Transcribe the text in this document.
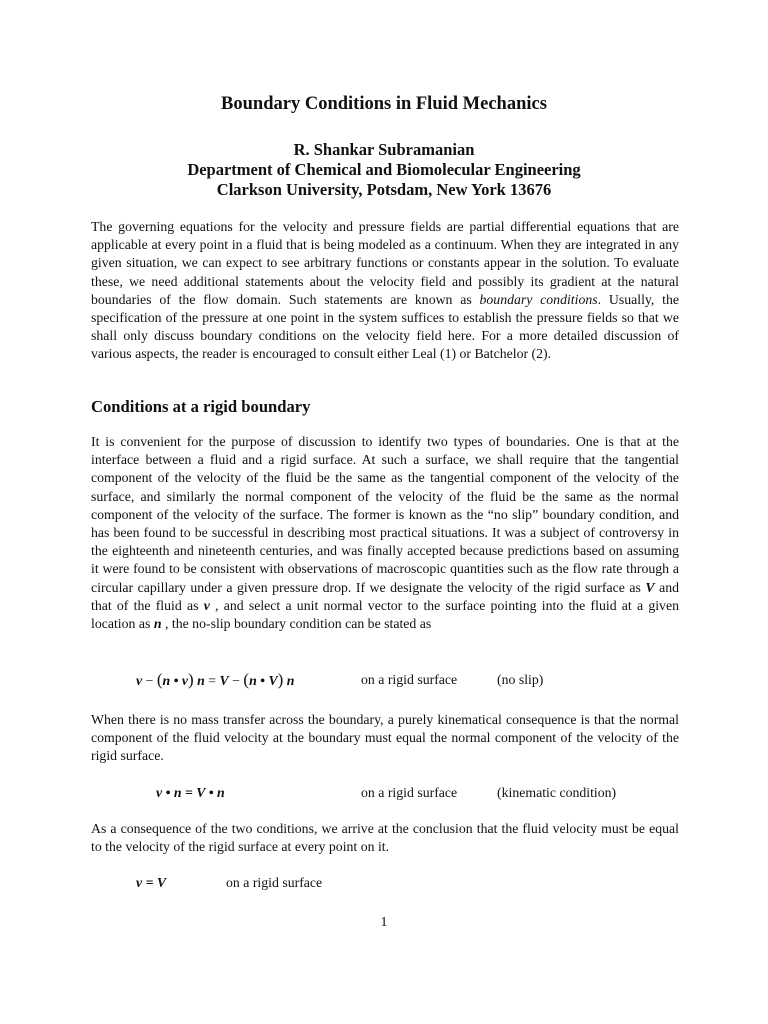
Boundary Conditions in Fluid Mechanics
R. Shankar Subramanian
Department of Chemical and Biomolecular Engineering
Clarkson University, Potsdam, New York 13676

The governing equations for the velocity and pressure fields are partial differential equations that are applicable at every point in a fluid that is being modeled as a continuum. When they are integrated in any given situation, we can expect to see arbitrary functions or constants appear in the solution. To evaluate these, we need additional statements about the velocity field and possibly its gradient at the natural boundaries of the flow domain. Such statements are known as boundary conditions. Usually, the specification of the pressure at one point in the system suffices to establish the pressure fields so that we shall only discuss boundary conditions on the velocity field here. For a more detailed discussion of various aspects, the reader is encouraged to consult either Leal (1) or Batchelor (2).

Conditions at a rigid boundary

It is convenient for the purpose of discussion to identify two types of boundaries. One is that at the interface between a fluid and a rigid surface. At such a surface, we shall require that the tangential component of the velocity of the fluid be the same as the tangential component of the velocity of the surface, and similarly the normal component of the velocity of the fluid be the same as the normal component of the velocity of the surface. The former is known as the “no slip” boundary condition, and has been found to be successful in describing most practical situations. It was a subject of controversy in the eighteenth and nineteenth centuries, and was finally accepted because predictions based on assuming it were found to be consistent with observations of macroscopic quantities such as the flow rate through a circular capillary under a given pressure drop. If we designate the velocity of the rigid surface as V and that of the fluid as v , and select a unit normal vector to the surface pointing into the fluid at a given location as n , the no-slip boundary condition can be stated as

v − (n • v) n = V − (n • V) n	on a rigid surface	(no slip)

When there is no mass transfer across the boundary, a purely kinematical consequence is that the normal component of the fluid velocity at the boundary must equal the normal component of the velocity of the rigid surface.

v • n = V • n	on a rigid surface	(kinematic condition)

As a consequence of the two conditions, we arrive at the conclusion that the fluid velocity must be equal to the velocity of the rigid surface at every point on it.

v = V	on a rigid surface
1
